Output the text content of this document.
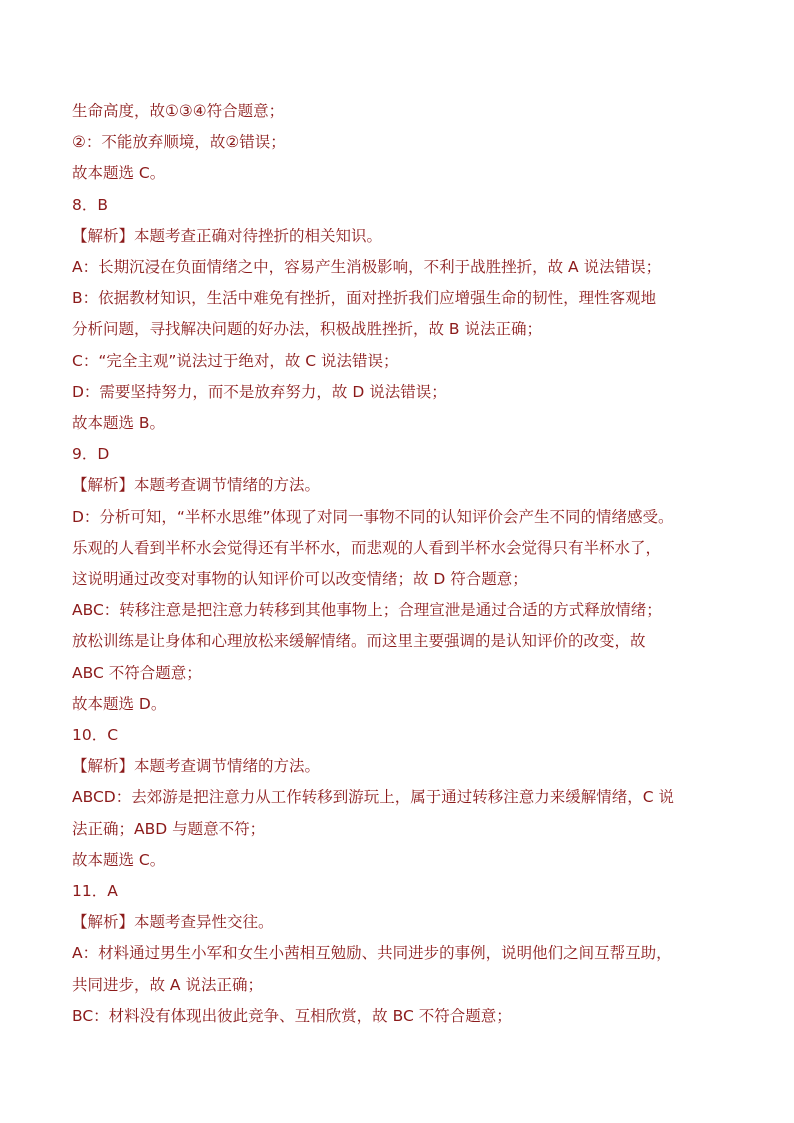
生命高度，故①③④符合题意；
②：不能放弃顺境，故②错误；
故本题选 C。
8．B
【解析】本题考查正确对待挫折的相关知识。
A：长期沉浸在负面情绪之中，容易产生消极影响，不利于战胜挫折，故 A 说法错误；
B：依据教材知识，生活中难免有挫折，面对挫折我们应增强生命的韧性，理性客观地
分析问题，寻找解决问题的好办法，积极战胜挫折，故 B 说法正确；
C：“完全主观”说法过于绝对，故 C 说法错误；
D：需要坚持努力，而不是放弃努力，故 D 说法错误；
故本题选 B。
9．D
【解析】本题考查调节情绪的方法。
D：分析可知，“半杯水思维”体现了对同一事物不同的认知评价会产生不同的情绪感受。
乐观的人看到半杯水会觉得还有半杯水，而悲观的人看到半杯水会觉得只有半杯水了，
这说明通过改变对事物的认知评价可以改变情绪；故 D 符合题意；
ABC：转移注意是把注意力转移到其他事物上；合理宣泄是通过合适的方式释放情绪；
放松训练是让身体和心理放松来缓解情绪。而这里主要强调的是认知评价的改变，故
ABC 不符合题意；
故本题选 D。
10．C
【解析】本题考查调节情绪的方法。
ABCD：去郊游是把注意力从工作转移到游玩上，属于通过转移注意力来缓解情绪，C 说
法正确；ABD 与题意不符；
故本题选 C。
11．A
【解析】本题考查异性交往。
A：材料通过男生小军和女生小茜相互勉励、共同进步的事例，说明他们之间互帮互助，
共同进步，故 A 说法正确；
BC：材料没有体现出彼此竞争、互相欣赏，故 BC 不符合题意；
